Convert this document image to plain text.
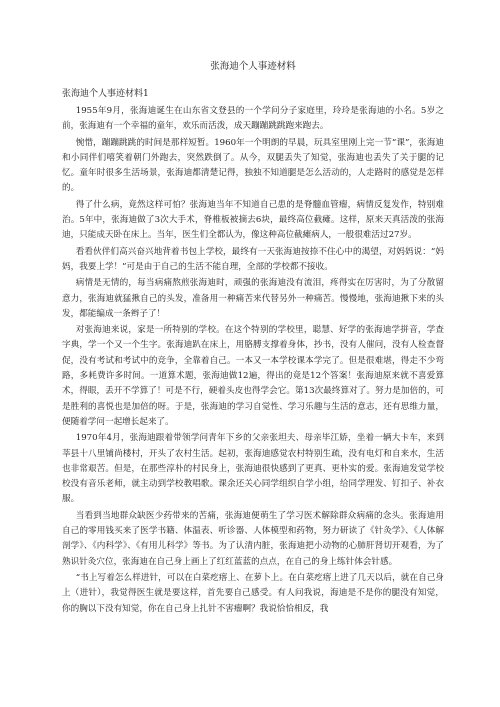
张海迪个人事迹材料
张海迪个人事迹材料1
1955年9月，张海迪诞生在山东省文登县的一个学问分子家庭里，玲玲是张海迪的小名。5岁之前，张海迪有一个幸福的童年，欢乐而活泼，成天蹦蹦跳跳跑来跑去。
惋惜，蹦蹦跳跳的时间是那样短暂。1960年一个明朗的早晨，玩具室里刚上完一节“课”，张海迪和小同伴们嘻笑着朝门外跑去，突然跌倒了。从今，双腿丢失了知觉，张海迪也丢失了关于腿的记忆。童年时很多生活场景，张海迪都清楚记得，独独不知道腿是怎么活动的，人走路时的感觉是怎样的。
得了什么病，竟然这样可怕？张海迪当年不知道自己患的是脊髓血管瘤，病情反复发作，特别难治。5年中，张海迪做了3次大手术，脊椎板被摘去6块，最终高位截瘫。这样，原来天真活泼的张海迪，只能成天卧在床上。当年，医生们全都认为，像这种高位截瘫病人，一般很难活过27岁。
看看伙伴们高兴奋兴地背着书包上学校，最终有一天张海迪按捺不住心中的渴望，对妈妈说：“妈妈，我要上学！”可是由于自己的生活不能自理，全部的学校都不接收。
病情是无情的，每当病痛熬煎张海迪时，顽强的张海迪没有流泪，疼得实在厉害时，为了分散留意力，张海迪就猛揪自己的头发，准备用一种痛苦来代替另外一种痛苦。慢慢地，张海迪揪下来的头发，都能编成一条辫子了！
对张海迪来说，家是一所特别的学校。在这个特别的学校里，聪慧、好学的张海迪学拼音，学查字典，学一个又一个生字。张海迪趴在床上，用胳膊支撑着身体，抄书，没有人催问，没有人检查督促，没有考试和考试中的竞争，全靠着自己。一本又一本学校课本学完了。但是很难堪，得走不少弯路，多耗费许多时间。一道算术题，张海迪做12遍，得出的竟是12个答案！张海迪原来就不喜爱算术，得眼，丢开不学算了！可是不行，硬着头皮也得学会它。第13次最终算对了。努力是加倍的，可是胜利的喜悦也是加倍的呀。于是，张海迪的学习自觉性、学习乐趣与生活的意志，还有思维力量，便随着学问一起增长起来了。
1970年4月，张海迪跟着带领学问青年下乡的父亲张坦夫、母亲毕江娇，坐着一辆大卡车，来到莘县十八里铺尚楼村，开头了农村生活。起初，张海迪感觉农村特别生疏，没有电灯和自来水，生活也非常艰苦。但是，在那些淳朴的村民身上，张海迪很快感到了更真、更朴实的爱。张海迪发觉学校校没有音乐老师，就主动到学校教唱歌。课余还关心同学组织自学小组，给同学理发、钉扣子、补衣服。
当看到当地群众缺医少药带来的苦痛，张海迪便萌生了学习医术解除群众病痛的念头。张海迪用自己的零用钱买来了医学书籍、体温表、听诊器、人体模型和药物，努力研读了《针灸学》、《人体解剖学》、《内科学》、《有用儿科学》等书。为了认清内脏，张海迪把小动物的心肺肝肾切开观看，为了熟识针灸穴位，张海迪在自己身上画上了红红蓝蓝的点点，在自己的身上练针体会针感。
“书上写着怎么样进针，可以在白菜疙瘩上、在萝卜上。在白菜疙瘩上进了几天以后，就在自己身上（进针），我觉得医生就是要这样，首先要自己感受。有人问我说，海迪是不是你的腿没有知觉，你的胸以下没有知觉，你在自己身上扎针不害瘤啊？我说恰恰相反，我
